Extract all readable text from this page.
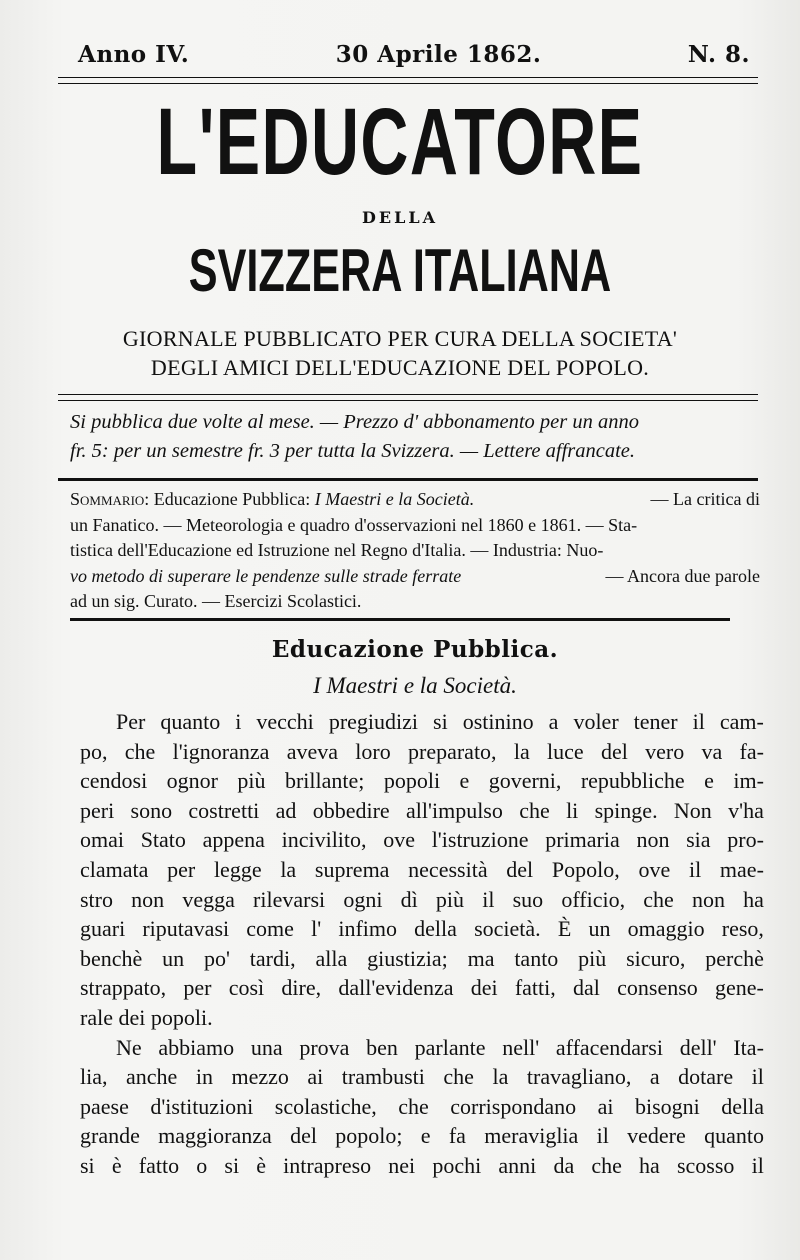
Anno IV.	30 Aprile 1862.	N. 8.
L'EDUCATORE
DELLA
SVIZZERA ITALIANA
GIORNALE PUBBLICATO PER CURA DELLA SOCIETA'
DEGLI AMICI DELL'EDUCAZIONE DEL POPOLO.
Si pubblica due volte al mese. — Prezzo d' abbonamento per un anno
fr. 5: per un semestre fr. 3 per tutta la Svizzera. — Lettere affrancate.
Sommario: Educazione Pubblica: I Maestri e la Società.	— La critica di
un Fanatico. — Meteorologia e quadro d'osservazioni nel 1860 e 1861. — Sta-
tistica dell'Educazione ed Istruzione nel Regno d'Italia. — Industria: Nuo-
vo metodo di superare le pendenze sulle strade ferrate	— Ancora due parole
ad un sig. Curato. — Esercizi Scolastici.
Educazione Pubblica.
I Maestri e la Società.
Per quanto i vecchi pregiudizi si ostinino a voler tener il cam-
po, che l'ignoranza aveva loro preparato, la luce del vero va fa-
cendosi ognor più brillante; popoli e governi, repubbliche e im-
peri sono costretti ad obbedire all'impulso che li spinge. Non v'ha
omai Stato appena incivilito, ove l'istruzione primaria non sia pro-
clamata per legge la suprema necessità del Popolo, ove il mae-
stro non vegga rilevarsi ogni dì più il suo officio, che non ha
guari riputavasi come l' infimo della società. È un omaggio reso,
benchè un po' tardi, alla giustizia; ma tanto più sicuro, perchè
strappato, per così dire, dall'evidenza dei fatti, dal consenso gene-
rale dei popoli.
Ne abbiamo una prova ben parlante nell' affacendarsi dell' Ita-
lia, anche in mezzo ai trambusti che la travagliano, a dotare il
paese d'istituzioni scolastiche, che corrispondano ai bisogni della
grande maggioranza del popolo; e fa meraviglia il vedere quanto
si è fatto o si è intrapreso nei pochi anni da che ha scosso il
